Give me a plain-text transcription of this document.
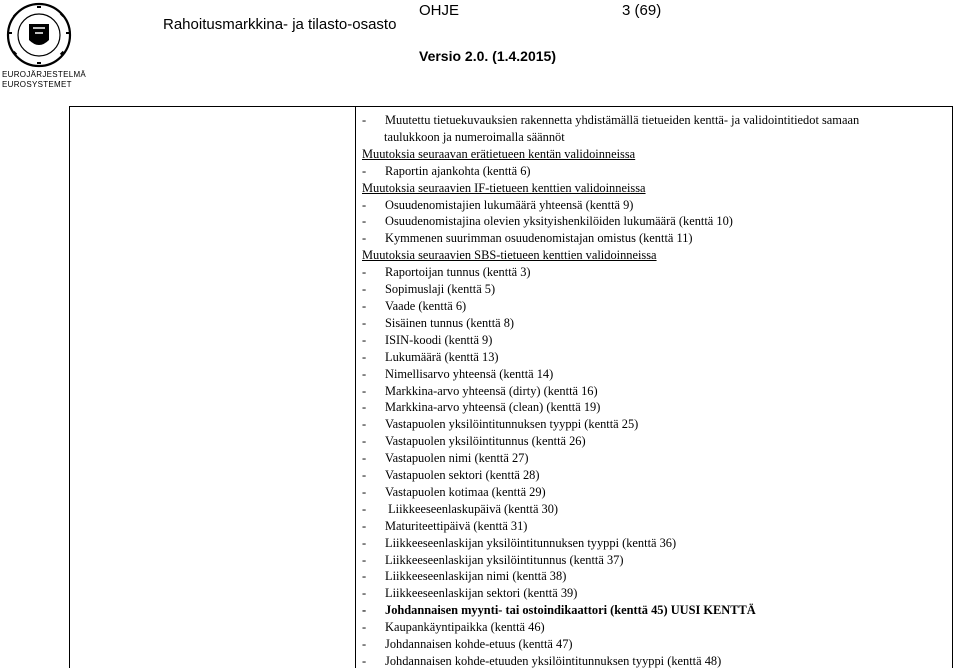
EUROJÄRJESTELMÄ
EUROSYSTEMET
Rahoitusmarkkina- ja tilasto-osasto
OHJE	3 (69)
Versio 2.0. (1.4.2015)
- Muutettu tietuekuvauksien rakennetta yhdistämällä tietueiden kenttä- ja validointitiedot samaan
taulukkoon ja numeroimalla säännöt
Muutoksia seuraavan erätietueen kentän validoinneissa
- Raportin ajankohta (kenttä 6)
Muutoksia seuraavien IF-tietueen kenttien validoinneissa
- Osuudenomistajien lukumäärä yhteensä (kenttä 9)
- Osuudenomistajina olevien yksityishenkilöiden lukumäärä (kenttä 10)
- Kymmenen suurimman osuudenomistajan omistus (kenttä 11)
Muutoksia seuraavien SBS-tietueen kenttien validoinneissa
- Raportoijan tunnus (kenttä 3)
- Sopimuslaji (kenttä 5)
- Vaade (kenttä 6)
- Sisäinen tunnus (kenttä 8)
- ISIN-koodi (kenttä 9)
- Lukumäärä (kenttä 13)
- Nimellisarvo yhteensä (kenttä 14)
- Markkina-arvo yhteensä (dirty) (kenttä 16)
- Markkina-arvo yhteensä (clean) (kenttä 19)
- Vastapuolen yksilöintitunnuksen tyyppi (kenttä 25)
- Vastapuolen yksilöintitunnus (kenttä 26)
- Vastapuolen nimi (kenttä 27)
- Vastapuolen sektori (kenttä 28)
- Vastapuolen kotimaa (kenttä 29)
- Liikkeeseenlaskupäivä (kenttä 30)
- Maturiteettipäivä (kenttä 31)
- Liikkeeseenlaskijan yksilöintitunnuksen tyyppi (kenttä 36)
- Liikkeeseenlaskijan yksilöintitunnus (kenttä 37)
- Liikkeeseenlaskijan nimi (kenttä 38)
- Liikkeeseenlaskijan sektori (kenttä 39)
- Johdannaisen myynti- tai ostoindikaattori (kenttä 45) UUSI KENTTÄ
- Kaupankäyntipaikka (kenttä 46)
- Johdannaisen kohde-etuus (kenttä 47)
- Johdannaisen kohde-etuuden yksilöintitunnuksen tyyppi (kenttä 48)
